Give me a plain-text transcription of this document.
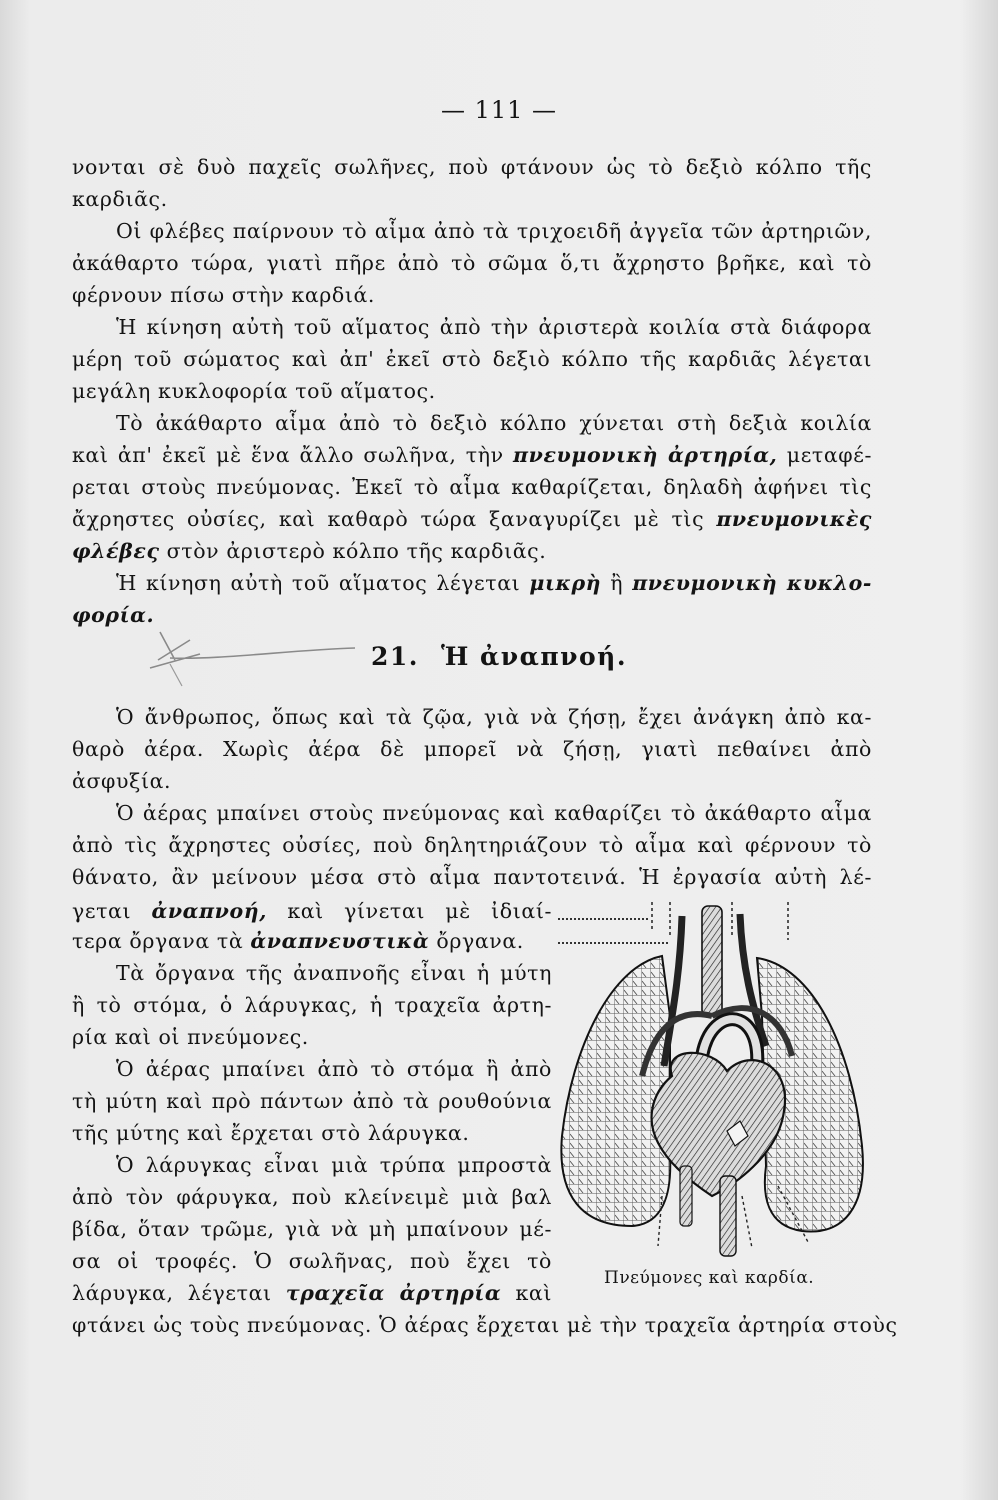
— 111 —
νονται σὲ δυὸ παχεῖς σωλῆνες, ποὺ φτάνουν ὡς τὸ δεξιὸ κόλπο τῆς
καρδιᾶς.
Οἱ φλέβες παίρνουν τὸ αἷμα ἀπὸ τὰ τριχοειδῆ ἀγγεῖα τῶν ἀρτηριῶν,
ἀκάθαρτο τώρα, γιατὶ πῆρε ἀπὸ τὸ σῶμα ὅ,τι ἄχρηστο βρῆκε, καὶ τὸ
φέρνουν πίσω στὴν καρδιά.
Ἡ κίνηση αὐτὴ τοῦ αἵματος ἀπὸ τὴν ἀριστερὰ κοιλία στὰ διάφορα
μέρη τοῦ σώματος καὶ ἀπ' ἐκεῖ στὸ δεξιὸ κόλπο τῆς καρδιᾶς λέγεται
μεγάλη κυκλοφορία τοῦ αἵματος.
Τὸ ἀκάθαρτο αἷμα ἀπὸ τὸ δεξιὸ κόλπο χύνεται στὴ δεξιὰ κοιλία
καὶ ἀπ' ἐκεῖ μὲ ἕνα ἄλλο σωλῆνα, τὴν πνευμονικὴ ἀρτηρία, μεταφέ-
ρεται στοὺς πνεύμονας. Ἐκεῖ τὸ αἷμα καθαρίζεται, δηλαδὴ ἀφήνει τὶς
ἄχρηστες οὐσίες, καὶ καθαρὸ τώρα ξαναγυρίζει μὲ τὶς πνευμονικὲς
φλέβες στὸν ἀριστερὸ κόλπο τῆς καρδιᾶς.
Ἡ κίνηση αὐτὴ τοῦ αἵματος λέγεται μικρὴ ἢ πνευμονικὴ κυκλο-
φορία.
21. Ἡ ἀναπνοή.
Ὁ ἄνθρωπος, ὅπως καὶ τὰ ζῷα, γιὰ νὰ ζήσῃ, ἔχει ἀνάγκη ἀπὸ κα-
θαρὸ ἀέρα. Χωρὶς ἀέρα δὲ μπορεῖ νὰ ζήσῃ, γιατὶ πεθαίνει ἀπὸ
ἀσφυξία.
Ὁ ἀέρας μπαίνει στοὺς πνεύμονας καὶ καθαρίζει τὸ ἀκάθαρτο αἷμα
ἀπὸ τὶς ἄχρηστες οὐσίες, ποὺ δηλητηριάζουν τὸ αἷμα καὶ φέρνουν τὸ
θάνατο, ἂν μείνουν μέσα στὸ αἷμα παντοτεινά. Ἡ ἐργασία αὐτὴ λέ-
γεται ἀναπνοή, καὶ γίνεται μὲ ἰδιαί-
τερα ὄργανα τὰ ἀναπνευστικὰ ὄργανα.
Τὰ ὄργανα τῆς ἀναπνοῆς εἶναι ἡ μύτη
ἢ τὸ στόμα, ὁ λάρυγκας, ἡ τραχεῖα ἀρτη-
ρία καὶ οἱ πνεύμονες.
Ὁ ἀέρας μπαίνει ἀπὸ τὸ στόμα ἢ ἀπὸ
τὴ μύτη καὶ πρὸ πάντων ἀπὸ τὰ ρουθούνια
τῆς μύτης καὶ ἔρχεται στὸ λάρυγκα.
Ὁ λάρυγκας εἶναι μιὰ τρύπα μπροστὰ
ἀπὸ τὸν φάρυγκα, ποὺ κλείνειμὲ μιὰ βαλ
βίδα, ὅταν τρῶμε, γιὰ νὰ μὴ μπαίνουν μέ-
σα οἱ τροφές. Ὁ σωλῆνας, ποὺ ἔχει τὸ
λάρυγκα, λέγεται τραχεῖα ἀρτηρία καὶ
φτάνει ὡς τοὺς πνεύμονας. Ὁ ἀέρας ἔρχεται μὲ τὴν τραχεῖα ἀρτηρία στοὺς
Πνεύμονες καὶ καρδία.
